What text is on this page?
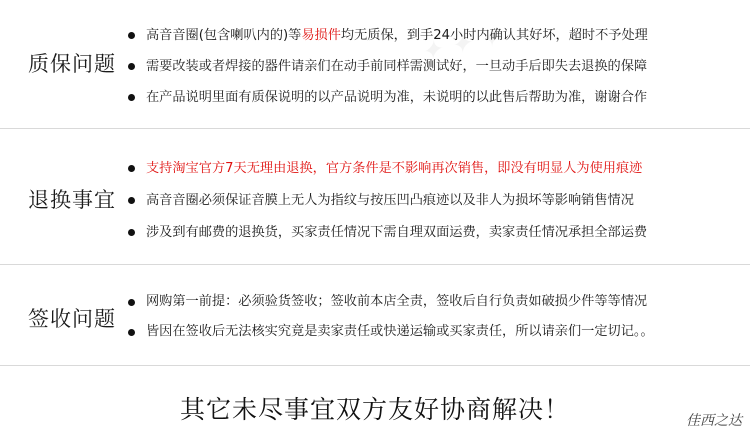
质保问题
高音音圈(包含喇叭内的)等易损件均无质保，到手24小时内确认其好坏，超时不予处理
需要改装或者焊接的器件请亲们在动手前同样需测试好，一旦动手后即失去退换的保障
在产品说明里面有质保说明的以产品说明为准，未说明的以此售后帮助为准，谢谢合作
退换事宜
支持淘宝官方7天无理由退换，官方条件是不影响再次销售，即没有明显人为使用痕迹
高音音圈必须保证音膜上无人为指纹与按压凹凸痕迹以及非人为损坏等影响销售情况
涉及到有邮费的退换货，买家责任情况下需自理双面运费，卖家责任情况承担全部运费
签收问题
网购第一前提：必须验货签收；签收前本店全责，签收后自行负责如破损少件等等情况
皆因在签收后无法核实究竟是卖家责任或快递运输或买家责任，所以请亲们一定切记。。
其它未尽事宜双方友好协商解决！	佳西之达
